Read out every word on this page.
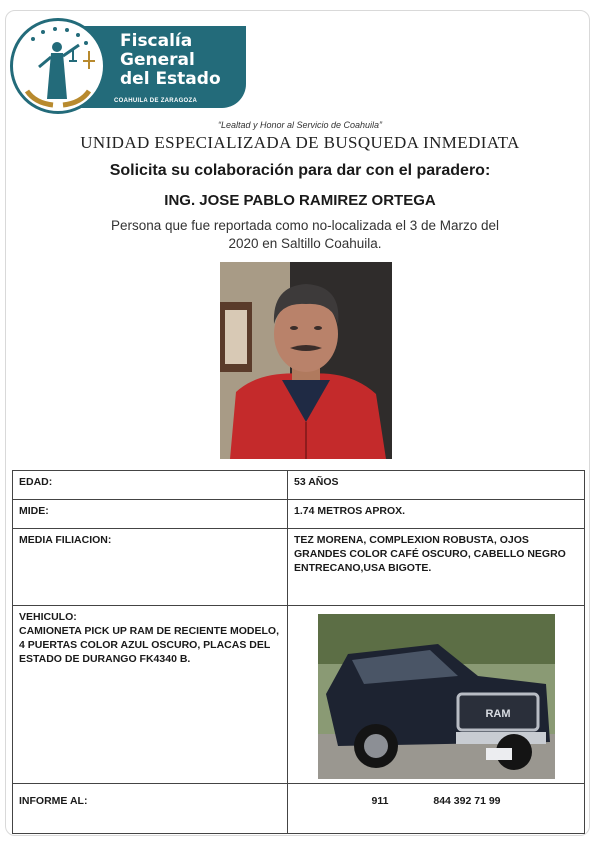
Fiscalía
General
del Estado
COAHUILA DE ZARAGOZA
“Lealtad y Honor al Servicio de Coahuila”
UNIDAD ESPECIALIZADA DE BUSQUEDA INMEDIATA
Solicita su colaboración para dar con el paradero:
ING. JOSE PABLO RAMIREZ ORTEGA
Persona que fue reportada como no-localizada el 3 de Marzo del
2020 en Saltillo Coahuila.
EDAD:	53 AÑOS
MIDE:	1.74 METROS APROX.
MEDIA FILIACION:	TEZ MORENA, COMPLEXION ROBUSTA, OJOS GRANDES COLOR CAFÉ OSCURO, CABELLO NEGRO ENTRECANO,USA BIGOTE.

VEHICULO:
CAMIONETA PICK UP RAM DE RECIENTE MODELO, 4 PUERTAS COLOR AZUL OSCURO, PLACAS DEL ESTADO DE DURANGO FK4340 B.	RAM

INFORME AL:	911 844 392 71 99
